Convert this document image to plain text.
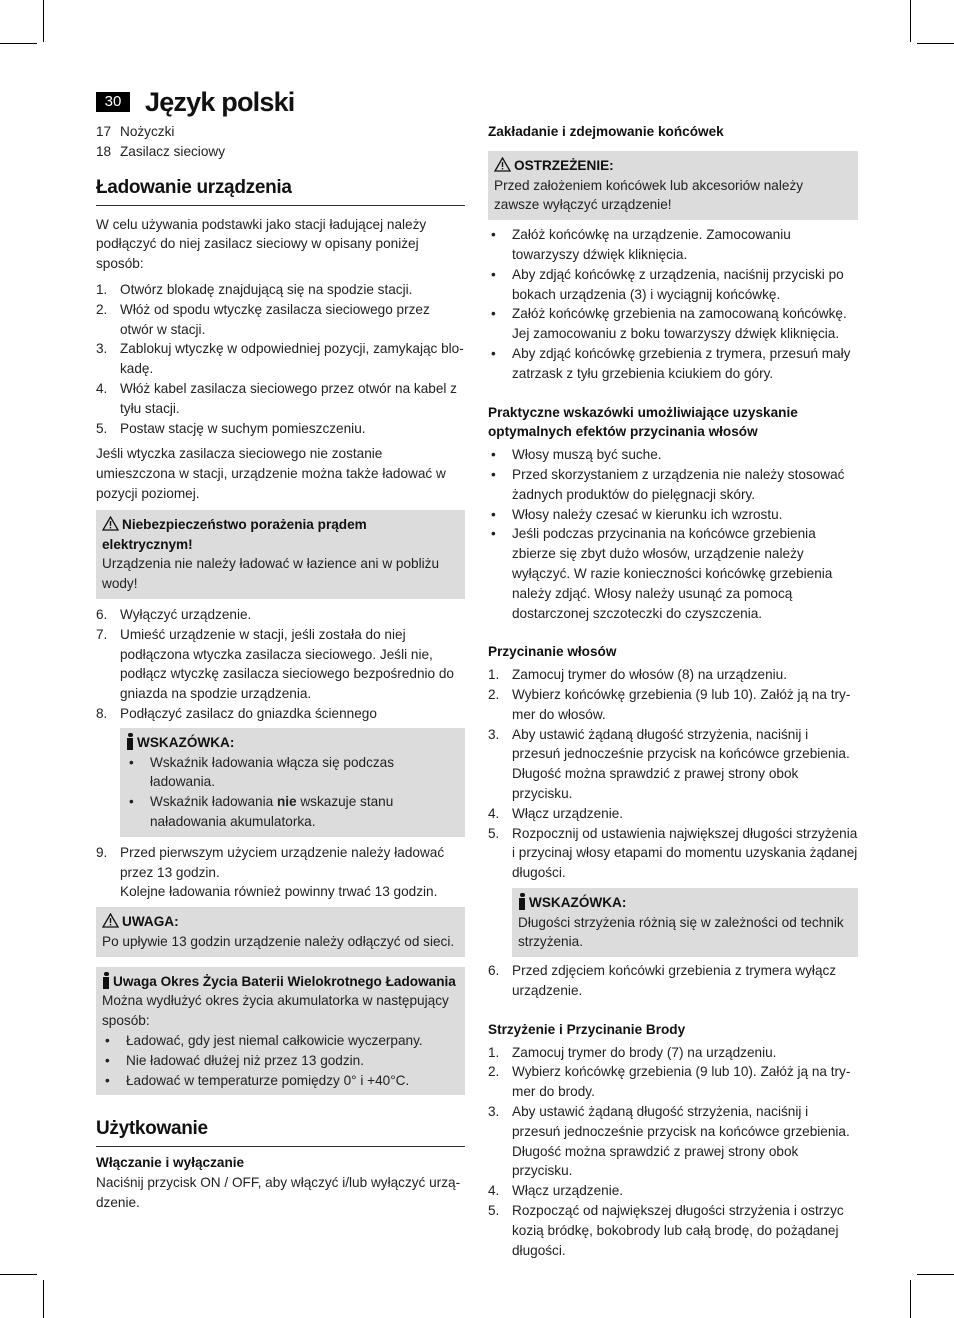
30 Język polski
17 Nożyczki
18 Zasilacz sieciowy
Ładowanie urządzenia

W celu używania podstawki jako stacji ładującej należy podłączyć do niej zasilacz sieciowy w opisany poniżej sposób:

1. Otwórz blokadę znajdującą się na spodzie stacji.
2. Włóż od spodu wtyczkę zasilacza sieciowego przez otwór w stacji.
3. Zablokuj wtyczkę w odpowiedniej pozycji, zamykając blokadę.
4. Włóż kabel zasilacza sieciowego przez otwór na kabel z tyłu stacji.
5. Postaw stację w suchym pomieszczeniu.

Jeśli wtyczka zasilacza sieciowego nie zostanie umieszczona w stacji, urządzenie można także ładować w pozycji poziomej.

Niebezpieczeństwo porażenia prądem elektrycznym!
Urządzenia nie należy ładować w łazience ani w pobliżu wody!
6. Wyłączyć urządzenie.
7. Umieść urządzenie w stacji, jeśli została do niej podłączona wtyczka zasilacza sieciowego. Jeśli nie, podłącz wtyczkę zasilacza sieciowego bezpośrednio do gniazda na spodzie urządzenia.
8. Podłączyć zasilacz do gniazdka ściennego
WSKAZÓWKA:
• Wskaźnik ładowania włącza się podczas ładowania.
• Wskaźnik ładowania nie wskazuje stanu naładowania akumulatorka.
9. Przed pierwszym użyciem urządzenie należy ładować przez 13 godzin.
Kolejne ładowania również powinny trwać 13 godzin.
UWAGA:
Po upływie 13 godzin urządzenie należy odłączyć od sieci.
Uwaga Okres Życia Baterii Wielokrotnego Ładowania
Można wydłużyć okres życia akumulatorka w następujący sposób:
• Ładować, gdy jest niemal całkowicie wyczerpany.
• Nie ładować dłużej niż przez 13 godzin.
• Ładować w temperaturze pomiędzy 0° i +40°C.
Użytkowanie
Włączanie i wyłączanie

Naciśnij przycisk ON / OFF, aby włączyć i/lub wyłączyć urządzenie.

Zakładanie i zdejmowanie końcówek
OSTRZEŻENIE:
Przed założeniem końcówek lub akcesoriów należy zawsze wyłączyć urządzenie!
• Załóż końcówkę na urządzenie. Zamocowaniu towarzyszy dźwięk kliknięcia.
• Aby zdjąć końcówkę z urządzenia, naciśnij przyciski po bokach urządzenia (3) i wyciągnij końcówkę.
• Załóż końcówkę grzebienia na zamocowaną końcówkę. Jej zamocowaniu z boku towarzyszy dźwięk kliknięcia.
• Aby zdjąć końcówkę grzebienia z trymera, przesuń mały zatrzask z tyłu grzebienia kciukiem do góry.
Praktyczne wskazówki umożliwiające uzyskanie optymalnych efektów przycinania włosów
• Włosy muszą być suche.
• Przed skorzystaniem z urządzenia nie należy stosować żadnych produktów do pielęgnacji skóry.
• Włosy należy czesać w kierunku ich wzrostu.
• Jeśli podczas przycinania na końcówce grzebienia zbierze się zbyt dużo włosów, urządzenie należy wyłączyć. W razie konieczności końcówkę grzebienia należy zdjąć. Włosy należy usunąć za pomocą dostarczonej szczoteczki do czyszczenia.
Przycinanie włosów
1. Zamocuj trymer do włosów (8) na urządzeniu.
2. Wybierz końcówkę grzebienia (9 lub 10). Załóż ją na trymer do włosów.
3. Aby ustawić żądaną długość strzyżenia, naciśnij i przesuń jednocześnie przycisk na końcówce grzebienia. Długość można sprawdzić z prawej strony obok przycisku.
4. Włącz urządzenie.
5. Rozpocznij od ustawienia największej długości strzyżenia i przycinaj włosy etapami do momentu uzyskania żądanej długości.
WSKAZÓWKA:
Długości strzyżenia różnią się w zależności od technik strzyżenia.
6. Przed zdjęciem końcówki grzebienia z trymera wyłącz urządzenie.
Strzyżenie i Przycinanie Brody
1. Zamocuj trymer do brody (7) na urządzeniu.
2. Wybierz końcówkę grzebienia (9 lub 10). Załóż ją na trymer do brody.
3. Aby ustawić żądaną długość strzyżenia, naciśnij i przesuń jednocześnie przycisk na końcówce grzebienia. Długość można sprawdzić z prawej strony obok przycisku.
4. Włącz urządzenie.
5. Rozpocząć od największej długości strzyżenia i ostrzyc kozią bródkę, bokobrody lub całą brodę, do pożądanej długości.
